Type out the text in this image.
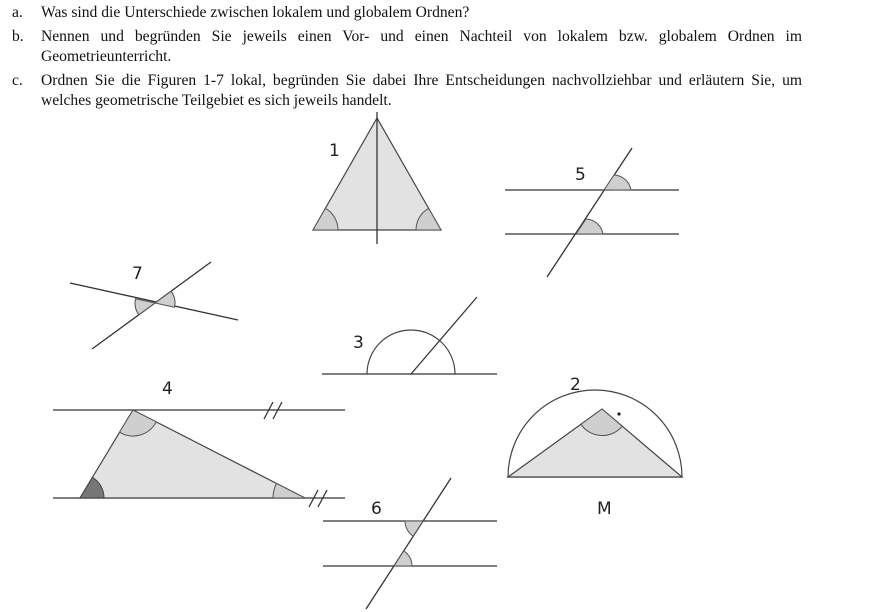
a. Was sind die Unterschiede zwischen lokalem und globalem Ordnen?
b. Nennen und begründen Sie jeweils einen Vor- und einen Nachteil von lokalem bzw. globalem Ordnen im Geometrieunterricht.
c. Ordnen Sie die Figuren 1-7 lokal, begründen Sie dabei Ihre Entscheidungen nachvollziehbar und erläutern Sie, um welches geometrische Teilgebiet es sich jeweils handelt.
1
5
7
3
2
M
4
6
